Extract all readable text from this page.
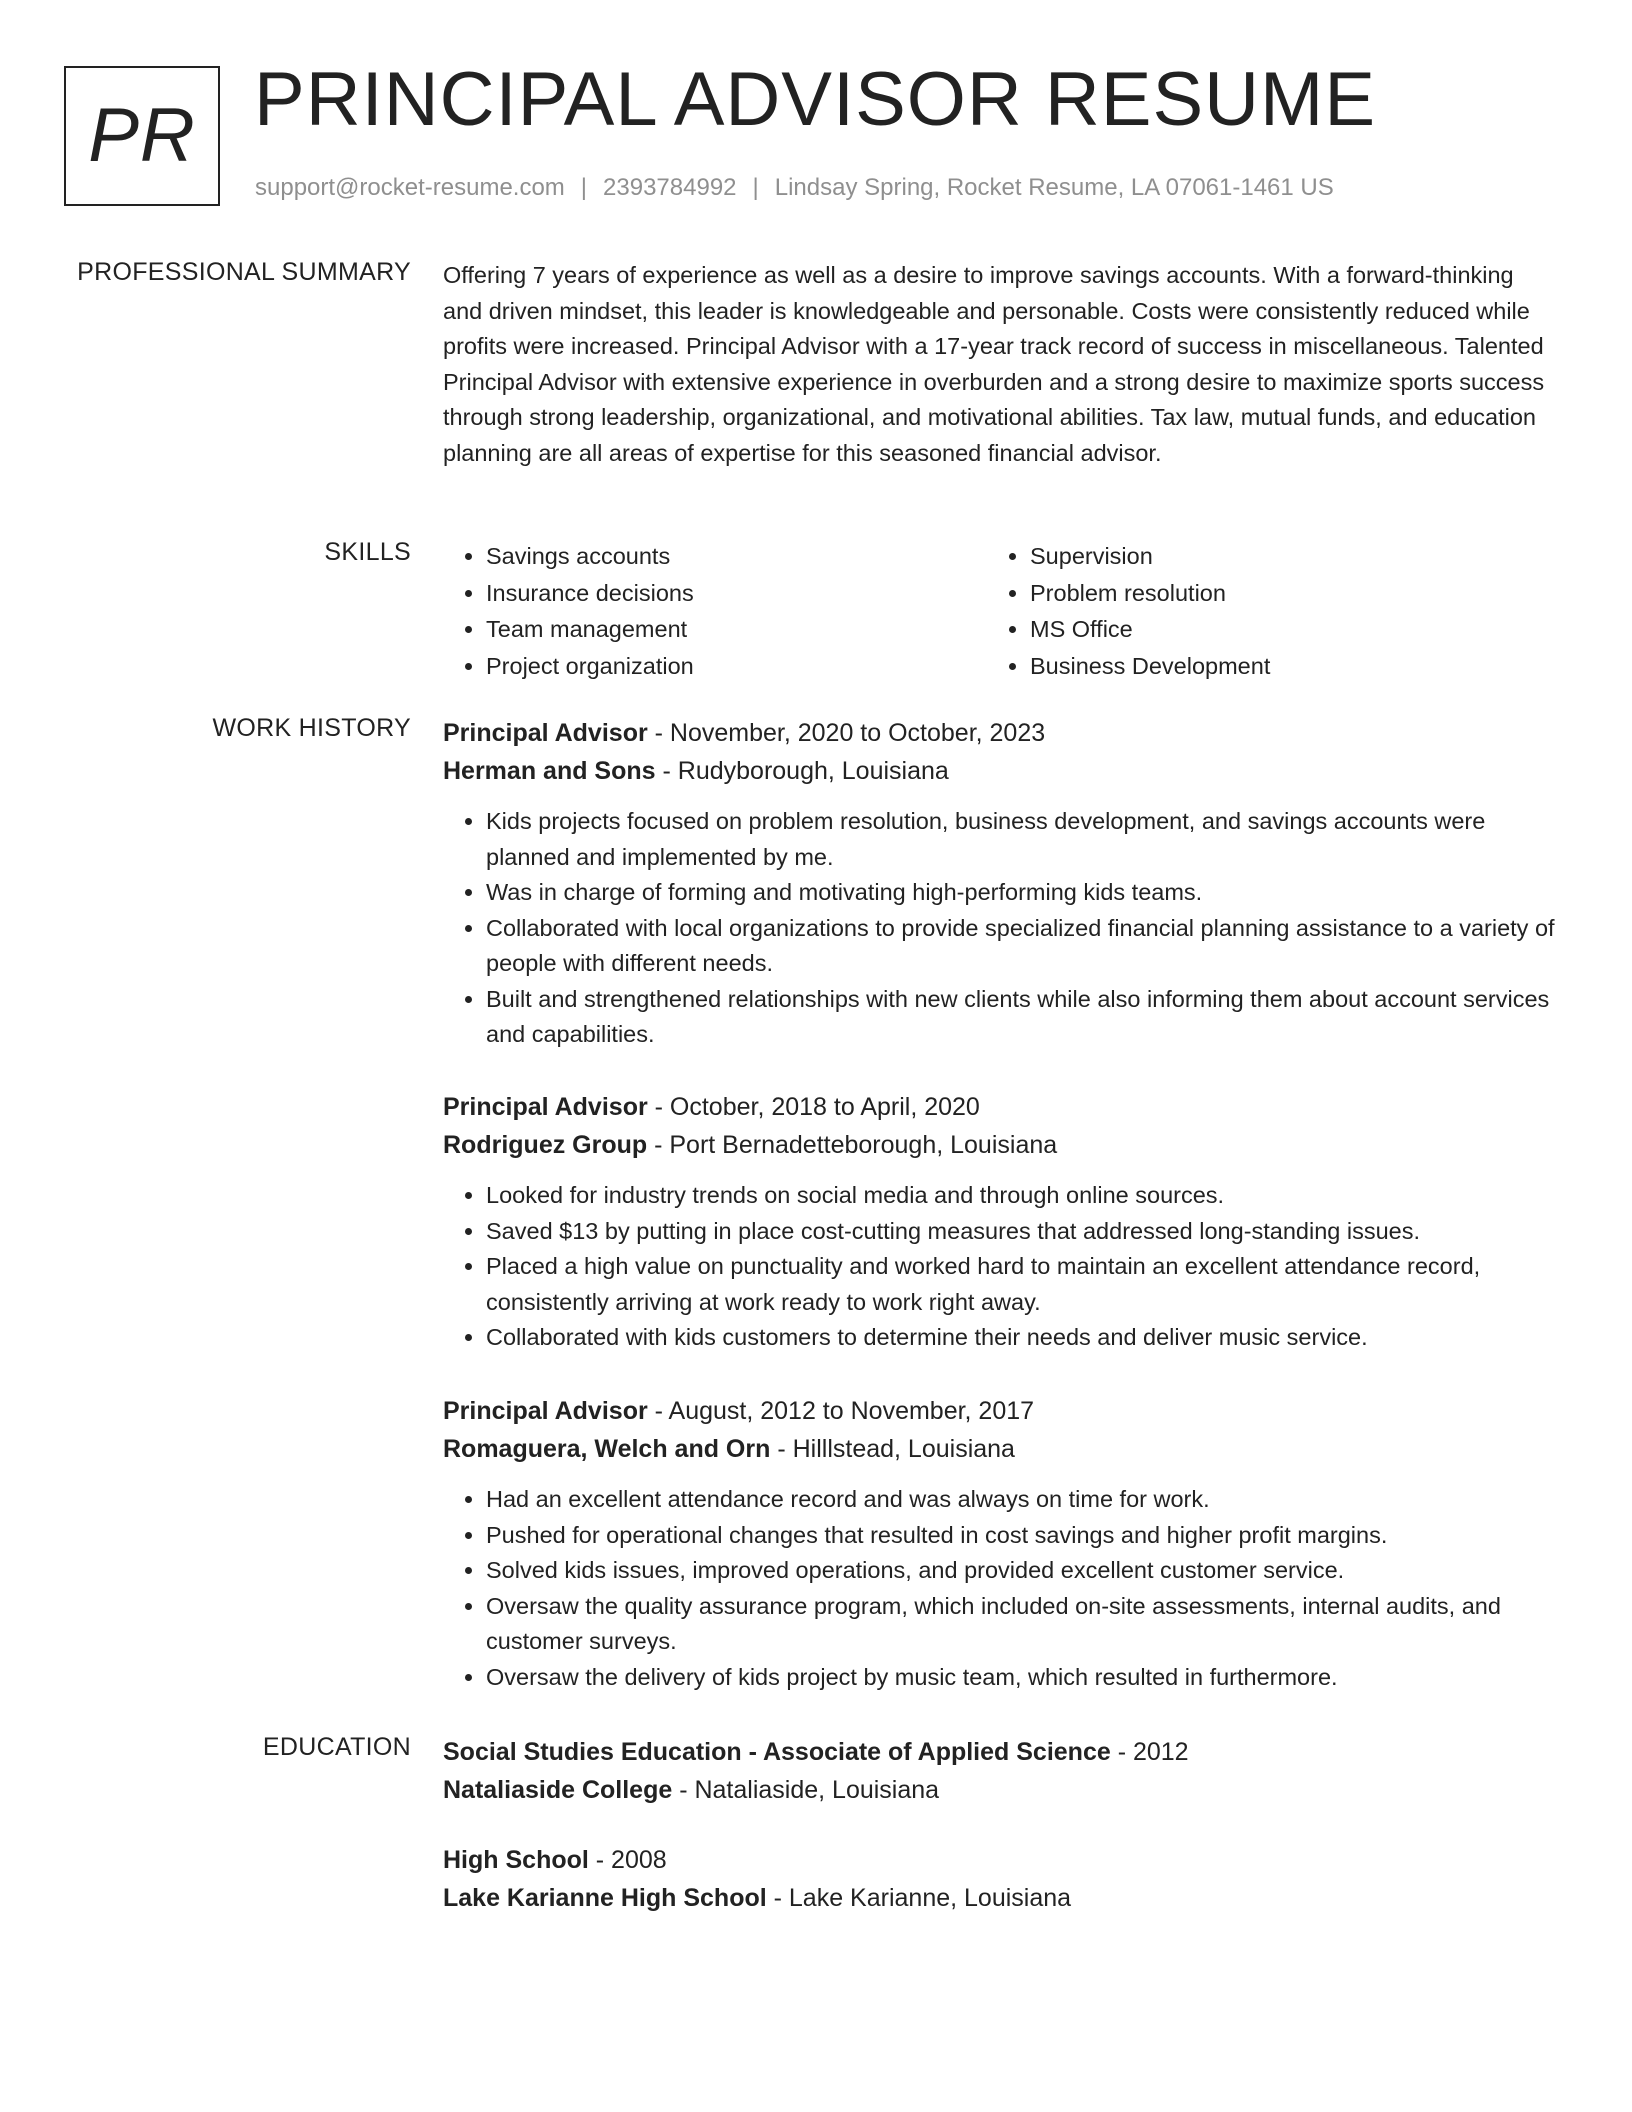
PR PRINCIPAL ADVISOR RESUME
support@rocket-resume.com | 2393784992 | Lindsay Spring, Rocket Resume, LA 07061-1461 US
PROFESSIONAL SUMMARY Offering 7 years of experience as well as a desire to improve savings accounts. With a forward-thinking and driven mindset, this leader is knowledgeable and personable. Costs were consistently reduced while profits were increased. Principal Advisor with a 17-year track record of success in miscellaneous. Talented Principal Advisor with extensive experience in overburden and a strong desire to maximize sports success through strong leadership, organizational, and motivational abilities. Tax law, mutual funds, and education planning are all areas of expertise for this seasoned financial advisor.

SKILLS
•	Savings accounts
• Insurance decisions
• Team management
• Project organization
• Supervision
• Problem resolution
• MS Office
• Business Development
WORK HISTORY Principal Advisor - November, 2020 to October, 2023
Herman and Sons - Rudyborough, Louisiana
• Kids projects focused on problem resolution, business development, and savings accounts were planned and implemented by me.
• Was in charge of forming and motivating high-performing kids teams.
• Collaborated with local organizations to provide specialized financial planning assistance to a variety of people with different needs.
• Built and strengthened relationships with new clients while also informing them about account services and capabilities.
Principal Advisor - October, 2018 to April, 2020
Rodriguez Group - Port Bernadetteborough, Louisiana
• Looked for industry trends on social media and through online sources.
• Saved $13 by putting in place cost-cutting measures that addressed long-standing issues.
• Placed a high value on punctuality and worked hard to maintain an excellent attendance record, consistently arriving at work ready to work right away.
• Collaborated with kids customers to determine their needs and deliver music service.
Principal Advisor - August, 2012 to November, 2017
Romaguera, Welch and Orn - Hilllstead, Louisiana
• Had an excellent attendance record and was always on time for work.
• Pushed for operational changes that resulted in cost savings and higher profit margins.
• Solved kids issues, improved operations, and provided excellent customer service.
• Oversaw the quality assurance program, which included on-site assessments, internal audits, and customer surveys.
• Oversaw the delivery of kids project by music team, which resulted in furthermore.
EDUCATION Social Studies Education - Associate of Applied Science - 2012
Nataliaside College - Nataliaside, Louisiana
High School - 2008
Lake Karianne High School - Lake Karianne, Louisiana
